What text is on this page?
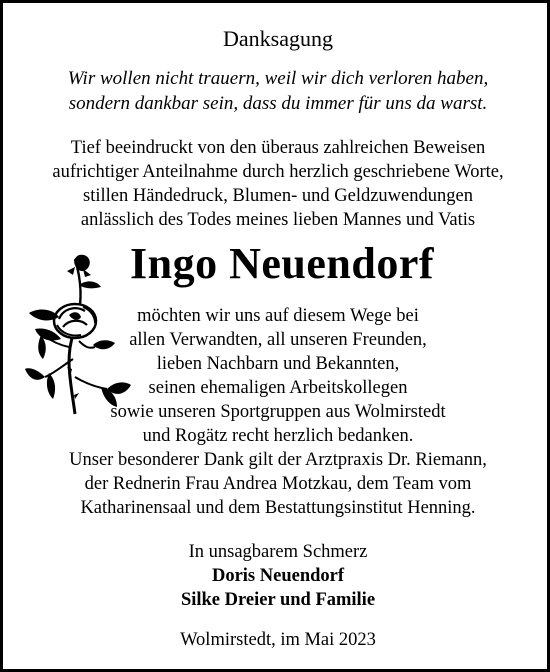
Danksagung
Wir wollen nicht trauern, weil wir dich verloren haben,
sondern dankbar sein, dass du immer für uns da warst.
Tief beeindruckt von den überaus zahlreichen Beweisen
aufrichtiger Anteilnahme durch herzlich geschriebene Worte,
stillen Händedruck, Blumen- und Geldzuwendungen
anlässlich des Todes meines lieben Mannes und Vatis
Ingo Neuendorf
möchten wir uns auf diesem Wege bei
allen Verwandten, all unseren Freunden,
lieben Nachbarn und Bekannten,
seinen ehemaligen Arbeitskollegen
sowie unseren Sportgruppen aus Wolmirstedt
und Rogätz recht herzlich bedanken.
Unser besonderer Dank gilt der Arztpraxis Dr. Riemann,
der Rednerin Frau Andrea Motzkau, dem Team vom
Katharinensaal und dem Bestattungsinstitut Henning.
In unsagbarem Schmerz
Doris Neuendorf
Silke Dreier und Familie
Wolmirstedt, im Mai 2023
